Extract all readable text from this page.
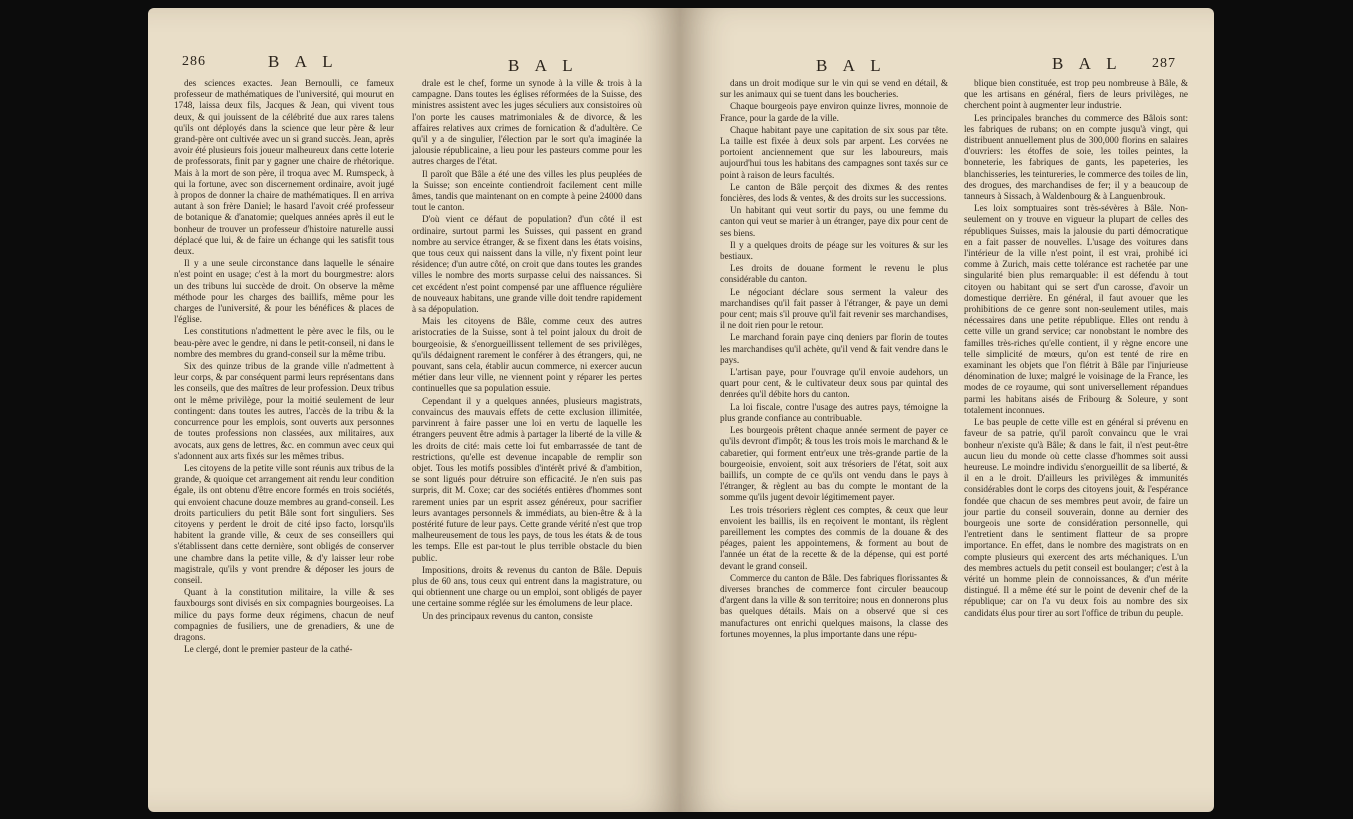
286	B A L	B A L

des sciences exactes. Jean Bernoulli, ce fameux professeur de mathématiques de l'université, qui mourut en 1748, laissa deux fils, Jacques & Jean, qui vivent tous deux, & qui jouissent de la célébrité due aux rares talens qu'ils ont déployés dans la science que leur père & leur grand-père ont cultivée avec un si grand succès. Jean, après avoir été plusieurs fois joueur malheureux dans cette loterie de professorats, finit par y gagner une chaire de rhétorique. Mais à la mort de son père, il troqua avec M. Rumspeck, à qui la fortune, avec son discernement ordinaire, avoit jugé à propos de donner la chaire de mathématiques. Il en arriva autant à son frère Daniel; le hasard l'avoit créé professeur de botanique & d'anatomie; quelques années après il eut le bonheur de trouver un professeur d'histoire naturelle aussi déplacé que lui, & de faire un échange qui les satisfit tous deux.

Il y a une seule circonstance dans laquelle le sénaire n'est point en usage; c'est à la mort du bourgmestre: alors un des tribuns lui succède de droit. On observe la même méthode pour les charges des baillifs, même pour les charges de l'université, & pour les bénéfices & places de l'église.

Les constitutions n'admettent le père avec le fils, ou le beau-père avec le gendre, ni dans le petit-conseil, ni dans le nombre des membres du grand-conseil sur la même tribu.

Six des quinze tribus de la grande ville n'admettent à leur corps, & par conséquent parmi leurs représentans dans les conseils, que des maîtres de leur profession. Deux tribus ont le même privilège, pour la moitié seulement de leur contingent: dans toutes les autres, l'accès de la tribu & la concurrence pour les emplois, sont ouverts aux personnes de toutes professions non classées, aux militaires, aux avocats, aux gens de lettres, &c. en commun avec ceux qui s'adonnent aux arts fixés sur les mêmes tribus.

Les citoyens de la petite ville sont réunis aux tribus de la grande, & quoique cet arrangement ait rendu leur condition égale, ils ont obtenu d'être encore formés en trois sociétés, qui envoient chacune douze membres au grand-conseil. Les droits particuliers du petit Bâle sont fort singuliers. Ses citoyens y perdent le droit de cité ipso facto, lorsqu'ils habitent la grande ville, & ceux de ses conseillers qui s'établissent dans cette dernière, sont obligés de conserver une chambre dans la petite ville, & d'y laisser leur robe magistrale, qu'ils y vont prendre & déposer les jours de conseil.

Quant à la constitution militaire, la ville & ses fauxbourgs sont divisés en six compagnies bourgeoises. La milice du pays forme deux régimens, chacun de neuf compagnies de fusiliers, une de grenadiers, & une de dragons.

Le clergé, dont le premier pasteur de la cathé-

drale est le chef, forme un synode à la ville & trois à la campagne. Dans toutes les églises réformées de la Suisse, des ministres assistent avec les juges séculiers aux consistoires où l'on porte les causes matrimoniales & de divorce, & les affaires relatives aux crimes de fornication & d'adultère. Ce qu'il y a de singulier, l'élection par le sort qu'a imaginée la jalousie républicaine, a lieu pour les pasteurs comme pour les autres charges de l'état.

Il paroît que Bâle a été une des villes les plus peuplées de la Suisse; son enceinte contiendroit facilement cent mille âmes, tandis que maintenant on en compte à peine 24000 dans tout le canton.

D'où vient ce défaut de population? d'un côté il est ordinaire, surtout parmi les Suisses, qui passent en grand nombre au service étranger, & se fixent dans les états voisins, que tous ceux qui naissent dans la ville, n'y fixent point leur résidence; d'un autre côté, on croit que dans toutes les grandes villes le nombre des morts surpasse celui des naissances. Si cet excédent n'est point compensé par une affluence régulière de nouveaux habitans, une grande ville doit tendre rapidement à sa dépopulation.

Mais les citoyens de Bâle, comme ceux des autres aristocraties de la Suisse, sont à tel point jaloux du droit de bourgeoisie, & s'enorgueillissent tellement de ses privilèges, qu'ils dédaignent rarement le conférer à des étrangers, qui, ne pouvant, sans cela, établir aucun commerce, ni exercer aucun métier dans leur ville, ne viennent point y réparer les pertes continuelles que sa population essuie.

Cependant il y a quelques années, plusieurs magistrats, convaincus des mauvais effets de cette exclusion illimitée, parvinrent à faire passer une loi en vertu de laquelle les étrangers peuvent être admis à partager la liberté de la ville & les droits de cité: mais cette loi fut embarrassée de tant de restrictions, qu'elle est devenue incapable de remplir son objet. Tous les motifs possibles d'intérêt privé & d'ambition, se sont ligués pour détruire son efficacité. Je n'en suis pas surpris, dit M. Coxe; car des sociétés entières d'hommes sont rarement unies par un esprit assez généreux, pour sacrifier leurs avantages personnels & immédiats, au bien-être & à la postérité future de leur pays. Cette grande vérité n'est que trop malheureusement de tous les pays, de tous les états & de tous les temps. Elle est par-tout le plus terrible obstacle du bien public.

Impositions, droits & revenus du canton de Bâle. Depuis plus de 60 ans, tous ceux qui entrent dans la magistrature, ou qui obtiennent une charge ou un emploi, sont obligés de payer une certaine somme réglée sur les émolumens de leur place.

Un des principaux revenus du canton, consiste

B A L	B A L 287

dans un droit modique sur le vin qui se vend en détail, & sur les animaux qui se tuent dans les boucheries.

Chaque bourgeois paye environ quinze livres, monnoie de France, pour la garde de la ville.

Chaque habitant paye une capitation de six sous par tête. La taille est fixée à deux sols par arpent. Les corvées ne portoient anciennement que sur les laboureurs, mais aujourd'hui tous les habitans des campagnes sont taxés sur ce point à raison de leurs facultés.

Le canton de Bâle perçoit des dixmes & des rentes foncières, des lods & ventes, & des droits sur les successions.

Un habitant qui veut sortir du pays, ou une femme du canton qui veut se marier à un étranger, paye dix pour cent de ses biens.

Il y a quelques droits de péage sur les voitures & sur les bestiaux.

Les droits de douane forment le revenu le plus considérable du canton.

Le négociant déclare sous serment la valeur des marchandises qu'il fait passer à l'étranger, & paye un demi pour cent; mais s'il prouve qu'il fait revenir ses marchandises, il ne doit rien pour le retour.

Le marchand forain paye cinq deniers par florin de toutes les marchandises qu'il achète, qu'il vend & fait vendre dans le pays.

L'artisan paye, pour l'ouvrage qu'il envoie audehors, un quart pour cent, & le cultivateur deux sous par quintal des denrées qu'il débite hors du canton.

La loi fiscale, contre l'usage des autres pays, témoigne la plus grande confiance au contribuable.

Les bourgeois prêtent chaque année serment de payer ce qu'ils devront d'impôt; & tous les trois mois le marchand & le cabaretier, qui forment entr'eux une très-grande partie de la bourgeoisie, envoient, soit aux trésoriers de l'état, soit aux baillifs, un compte de ce qu'ils ont vendu dans le pays à l'étranger, & règlent au bas du compte le montant de la somme qu'ils jugent devoir légitimement payer.

Les trois trésoriers règlent ces comptes, & ceux que leur envoient les baillis, ils en reçoivent le montant, ils règlent pareillement les comptes des commis de la douane & des péages, paient les appointemens, & forment au bout de l'année un état de la recette & de la dépense, qui est porté devant le grand conseil.

Commerce du canton de Bâle. Des fabriques florissantes & diverses branches de commerce font circuler beaucoup d'argent dans la ville & son territoire; nous en donnerons plus bas quelques détails. Mais on a observé que si ces manufactures ont enrichi quelques maisons, la classe des fortunes moyennes, la plus importante dans une répu-

blique bien constituée, est trop peu nombreuse à Bâle, & que les artisans en général, fiers de leurs privilèges, ne cherchent point à augmenter leur industrie.

Les principales branches du commerce des Bâlois sont: les fabriques de rubans; on en compte jusqu'à vingt, qui distribuent annuellement plus de 300,000 florins en salaires d'ouvriers: les étoffes de soie, les toiles peintes, la bonneterie, les fabriques de gants, les papeteries, les blanchisseries, les teintureries, le commerce des toiles de lin, des drogues, des marchandises de fer; il y a beaucoup de tanneurs à Sissach, à Waldenbourg & à Languenbrouk.

Les loix somptuaires sont très-sévères à Bâle. Non-seulement on y trouve en vigueur la plupart de celles des républiques Suisses, mais la jalousie du parti démocratique en a fait passer de nouvelles. L'usage des voitures dans l'intérieur de la ville n'est point, il est vrai, prohibé ici comme à Zurich, mais cette tolérance est rachetée par une singularité bien plus remarquable: il est défendu à tout citoyen ou habitant qui se sert d'un carosse, d'avoir un domestique derrière. En général, il faut avouer que les prohibitions de ce genre sont non-seulement utiles, mais nécessaires dans une petite république. Elles ont rendu à cette ville un grand service; car nonobstant le nombre des familles très-riches qu'elle contient, il y règne encore une telle simplicité de mœurs, qu'on est tenté de rire en examinant les objets que l'on flétrit à Bâle par l'injurieuse dénomination de luxe; malgré le voisinage de la France, les modes de ce royaume, qui sont universellement répandues parmi les habitans aisés de Fribourg & Soleure, y sont totalement inconnues.

Le bas peuple de cette ville est en général si prévenu en faveur de sa patrie, qu'il paroît convaincu que le vrai bonheur n'existe qu'à Bâle; & dans le fait, il n'est peut-être aucun lieu du monde où cette classe d'hommes soit aussi heureuse. Le moindre individu s'enorgueillit de sa liberté, & il en a le droit. D'ailleurs les privilèges & immunités considérables dont le corps des citoyens jouit, & l'espérance fondée que chacun de ses membres peut avoir, de faire un jour partie du conseil souverain, donne au dernier des bourgeois une sorte de considération personnelle, qui l'entretient dans le sentiment flatteur de sa propre importance. En effet, dans le nombre des magistrats on en compte plusieurs qui exercent des arts méchaniques. L'un des membres actuels du petit conseil est boulanger; c'est à la vérité un homme plein de connoissances, & d'un mérite distingué. Il a même été sur le point de devenir chef de la république; car on l'a vu deux fois au nombre des six candidats élus pour tirer au sort l'office de tribun du peuple.
